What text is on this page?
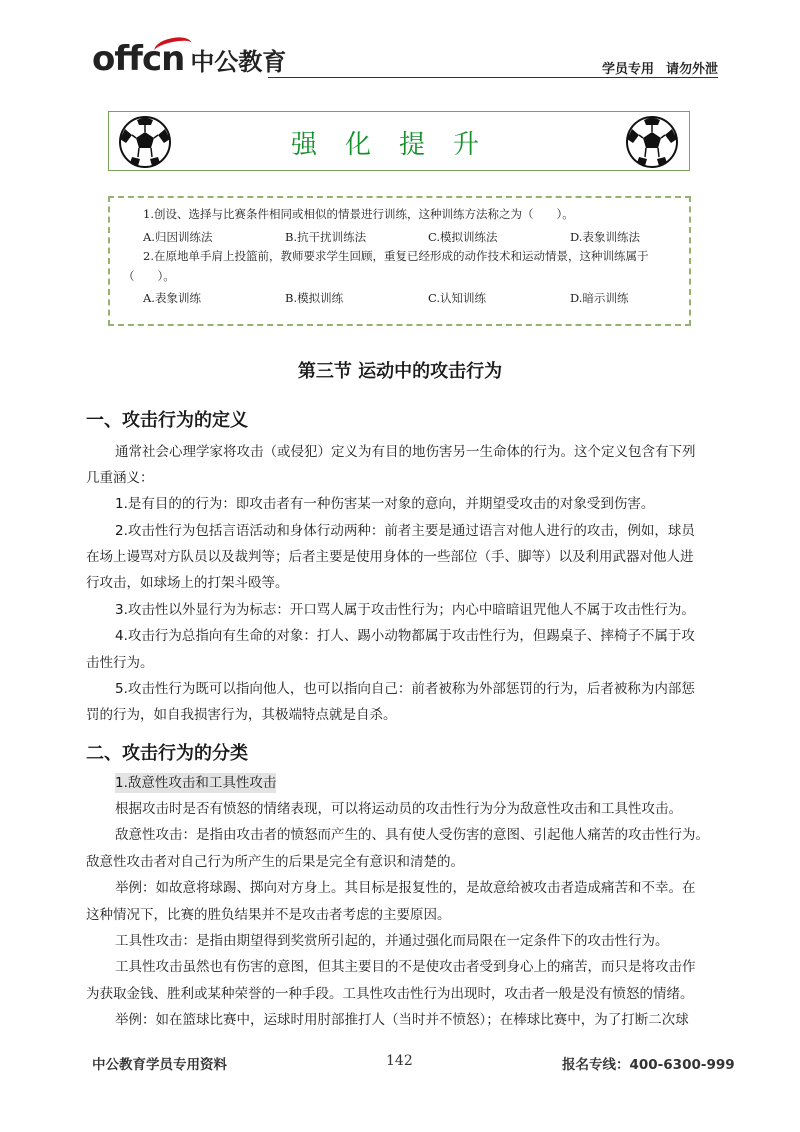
offcn 中公教育	学员专用 请勿外泄
强化提升
1.创设、选择与比赛条件相同或相似的情景进行训练，这种训练方法称之为（　　）。
A.归因训练法	B.抗干扰训练法	C.模拟训练法	D.表象训练法
2.在原地单手肩上投篮前，教师要求学生回顾，重复已经形成的动作技术和运动情景，这种训练属于
（　　）。
A.表象训练	B.模拟训练	C.认知训练	D.暗示训练
第三节 运动中的攻击行为
一、攻击行为的定义
通常社会心理学家将攻击（或侵犯）定义为有目的地伤害另一生命体的行为。这个定义包含有下列
几重涵义：
1.是有目的的行为：即攻击者有一种伤害某一对象的意向，并期望受攻击的对象受到伤害。
2.攻击性行为包括言语活动和身体行动两种：前者主要是通过语言对他人进行的攻击，例如，球员
在场上谩骂对方队员以及裁判等；后者主要是使用身体的一些部位（手、脚等）以及利用武器对他人进
行攻击，如球场上的打架斗殴等。
3.攻击性以外显行为为标志：开口骂人属于攻击性行为；内心中暗暗诅咒他人不属于攻击性行为。
4.攻击行为总指向有生命的对象：打人、踢小动物都属于攻击性行为，但踢桌子、摔椅子不属于攻
击性行为。
5.攻击性行为既可以指向他人，也可以指向自己：前者被称为外部惩罚的行为，后者被称为内部惩
罚的行为，如自我损害行为，其极端特点就是自杀。
二、攻击行为的分类
1.敌意性攻击和工具性攻击
根据攻击时是否有愤怒的情绪表现，可以将运动员的攻击性行为分为敌意性攻击和工具性攻击。
敌意性攻击：是指由攻击者的愤怒而产生的、具有使人受伤害的意图、引起他人痛苦的攻击性行为。
敌意性攻击者对自己行为所产生的后果是完全有意识和清楚的。
举例：如故意将球踢、掷向对方身上。其目标是报复性的，是故意给被攻击者造成痛苦和不幸。在
这种情况下，比赛的胜负结果并不是攻击者考虑的主要原因。
工具性攻击：是指由期望得到奖赏所引起的，并通过强化而局限在一定条件下的攻击性行为。
工具性攻击虽然也有伤害的意图，但其主要目的不是使攻击者受到身心上的痛苦，而只是将攻击作
为获取金钱、胜利或某种荣誉的一种手段。工具性攻击性行为出现时，攻击者一般是没有愤怒的情绪。
举例：如在篮球比赛中，运球时用肘部推打人（当时并不愤怒）；在棒球比赛中，为了打断二次球
中公教育学员专用资料	142	报名专线：400-6300-999
